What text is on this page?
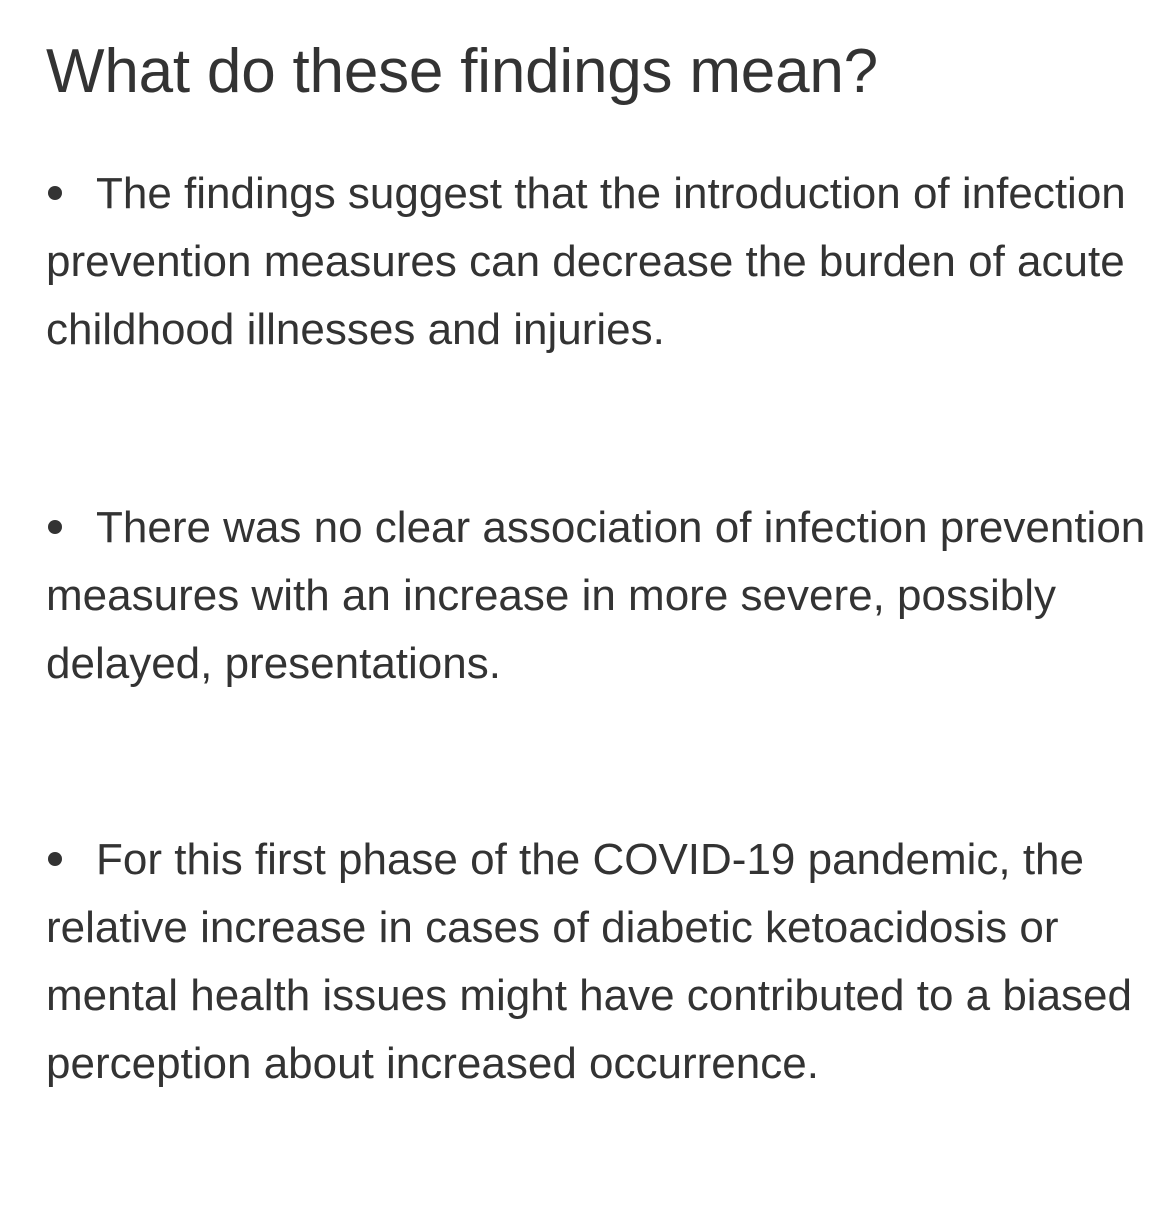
What do these findings mean?
The findings suggest that the introduction of infection prevention measures can decrease the burden of acute childhood illnesses and injuries.
There was no clear association of infection prevention measures with an increase in more severe, possibly delayed, presentations.
For this first phase of the COVID-19 pandemic, the relative increase in cases of diabetic ketoacidosis or mental health issues might have contributed to a biased perception about increased occurrence.
